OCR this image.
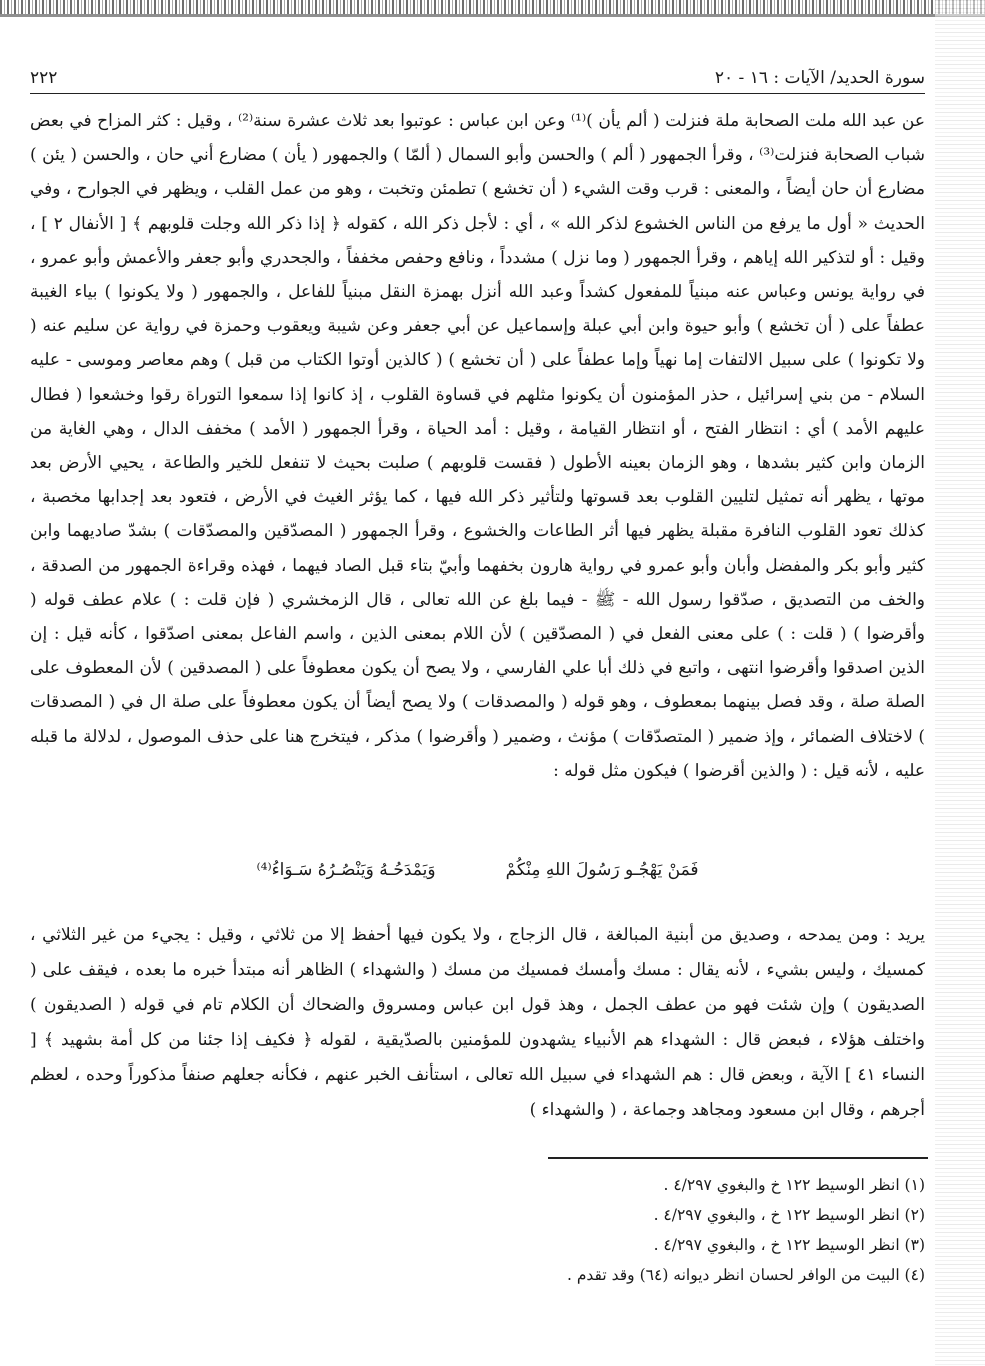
سورة الحديد/ الآيات : ١٦ - ٢٠
٢٢٢

عن عبد الله ملت الصحابة ملة فنزلت ( ألم يأن )⁽¹⁾ وعن ابن عباس : عوتبوا بعد ثلاث عشرة سنة⁽²⁾ ، وقيل : كثر المزاح في بعض شباب الصحابة فنزلت⁽³⁾ ، وقرأ الجمهور ( ألم ) والحسن وأبو السمال ( ألمّا ) والجمهور ( يأن ) مضارع أني حان ، والحسن ( يئن ) مضارع أن حان أيضاً ، والمعنى : قرب وقت الشيء ( أن تخشع ) تطمئن وتخبت ، وهو من عمل القلب ، ويظهر في الجوارح ، وفي الحديث « أول ما يرفع من الناس الخشوع لذكر الله » ، أي : لأجل ذكر الله ، كقوله ﴿ إذا ذكر الله وجلت قلوبهم ﴾ [ الأنفال ٢ ] ، وقيل : أو لتذكير الله إياهم ، وقرأ الجمهور ( وما نزل ) مشدداً ، ونافع وحفص مخففاً ، والجحدري وأبو جعفر والأعمش وأبو عمرو ، في رواية يونس وعباس عنه مبنياً للمفعول كشداً وعبد الله أنزل بهمزة النقل مبنياً للفاعل ، والجمهور ( ولا يكونوا ) بياء الغيبة عطفاً على ( أن تخشع ) وأبو حيوة وابن أبي عبلة وإسماعيل عن أبي جعفر وعن شيبة ويعقوب وحمزة في رواية عن سليم عنه ( ولا تكونوا ) على سبيل الالتفات إما نهياً وإما عطفاً على ( أن تخشع ) ( كالذين أوتوا الكتاب من قبل ) وهم معاصر وموسى - عليه السلام - من بني إسرائيل ، حذر المؤمنون أن يكونوا مثلهم في قساوة القلوب ، إذ كانوا إذا سمعوا التوراة رقوا وخشعوا ( فطال عليهم الأمد ) أي : انتظار الفتح ، أو انتظار القيامة ، وقيل : أمد الحياة ، وقرأ الجمهور ( الأمد ) مخفف الدال ، وهي الغاية من الزمان وابن كثير بشدها ، وهو الزمان بعينه الأطول ( فقست قلوبهم ) صلبت بحيث لا تنفعل للخير والطاعة ، يحيي الأرض بعد موتها ، يظهر أنه تمثيل لتليين القلوب بعد قسوتها ولتأثير ذكر الله فيها ، كما يؤثر الغيث في الأرض ، فتعود بعد إجدابها مخصبة ، كذلك تعود القلوب النافرة مقبلة يظهر فيها أثر الطاعات والخشوع ، وقرأ الجمهور ( المصدّقين والمصدّقات ) بشدّ صاديهما وابن كثير وأبو بكر والمفضل وأبان وأبو عمرو في رواية هارون بخفهما وأبيّ بتاء قبل الصاد فيهما ، فهذه وقراءة الجمهور من الصدقة ، والخف من التصديق ، صدّقوا رسول الله - ﷺ - فيما بلغ عن الله تعالى ، قال الزمخشري ( فإن قلت : ) علام عطف قوله ( وأقرضوا ) ( قلت : ) على معنى الفعل في ( المصدّقين ) لأن اللام بمعنى الذين ، واسم الفاعل بمعنى اصدّقوا ، كأنه قيل : إن الذين اصدقوا وأقرضوا انتهى ، واتبع في ذلك أبا علي الفارسي ، ولا يصح أن يكون معطوفاً على ( المصدقين ) لأن المعطوف على الصلة صلة ، وقد فصل بينهما بمعطوف ، وهو قوله ( والمصدقات ) ولا يصح أيضاً أن يكون معطوفاً على صلة ال في ( المصدقات ) لاختلاف الضمائر ، وإذ ضمير ( المتصدّقات ) مؤنث ، وضمير ( وأقرضوا ) مذكر ، فيتخرج هنا على حذف الموصول ، لدلالة ما قبله عليه ، لأنه قيل : ( والذين أقرضوا ) فيكون مثل قوله :

فَمَنْ يَهْجُـو رَسُولَ اللهِ مِنْكُمْ
وَيَمْدَحُـهُ وَيَنْصُـرُهُ سَـوَاءُ⁽⁴⁾

يريد : ومن يمدحه ، وصديق من أبنية المبالغة ، قال الزجاج ، ولا يكون فيها أحفظ إلا من ثلاثي ، وقيل : يجيء من غير الثلاثي ، كمسيك ، وليس بشيء ، لأنه يقال : مسك وأمسك فمسيك من مسك ( والشهداء ) الظاهر أنه مبتدأ خبره ما بعده ، فيقف على ( الصديقون ) وإن شئت فهو من عطف الجمل ، وهذ قول ابن عباس ومسروق والضحاك أن الكلام تام في قوله ( الصديقون ) واختلف هؤلاء ، فبعض قال : الشهداء هم الأنبياء يشهدون للمؤمنين بالصدّيقية ، لقوله ﴿ فكيف إذا جئنا من كل أمة بشهيد ﴾ [ النساء ٤١ ] الآية ، وبعض قال : هم الشهداء في سبيل الله تعالى ، استأنف الخبر عنهم ، فكأنه جعلهم صنفاً مذكوراً وحده ، لعظم أجرهم ، وقال ابن مسعود ومجاهد وجماعة ، ( والشهداء )

(١) انظر الوسيط ١٢٢ خ والبغوي ٤/٢٩٧ .

(٢) انظر الوسيط ١٢٢ خ ، والبغوي ٤/٢٩٧ .

(٣) انظر الوسيط ١٢٢ خ ، والبغوي ٤/٢٩٧ .

(٤) البيت من الوافر لحسان انظر ديوانه (٦٤) وقد تقدم .
